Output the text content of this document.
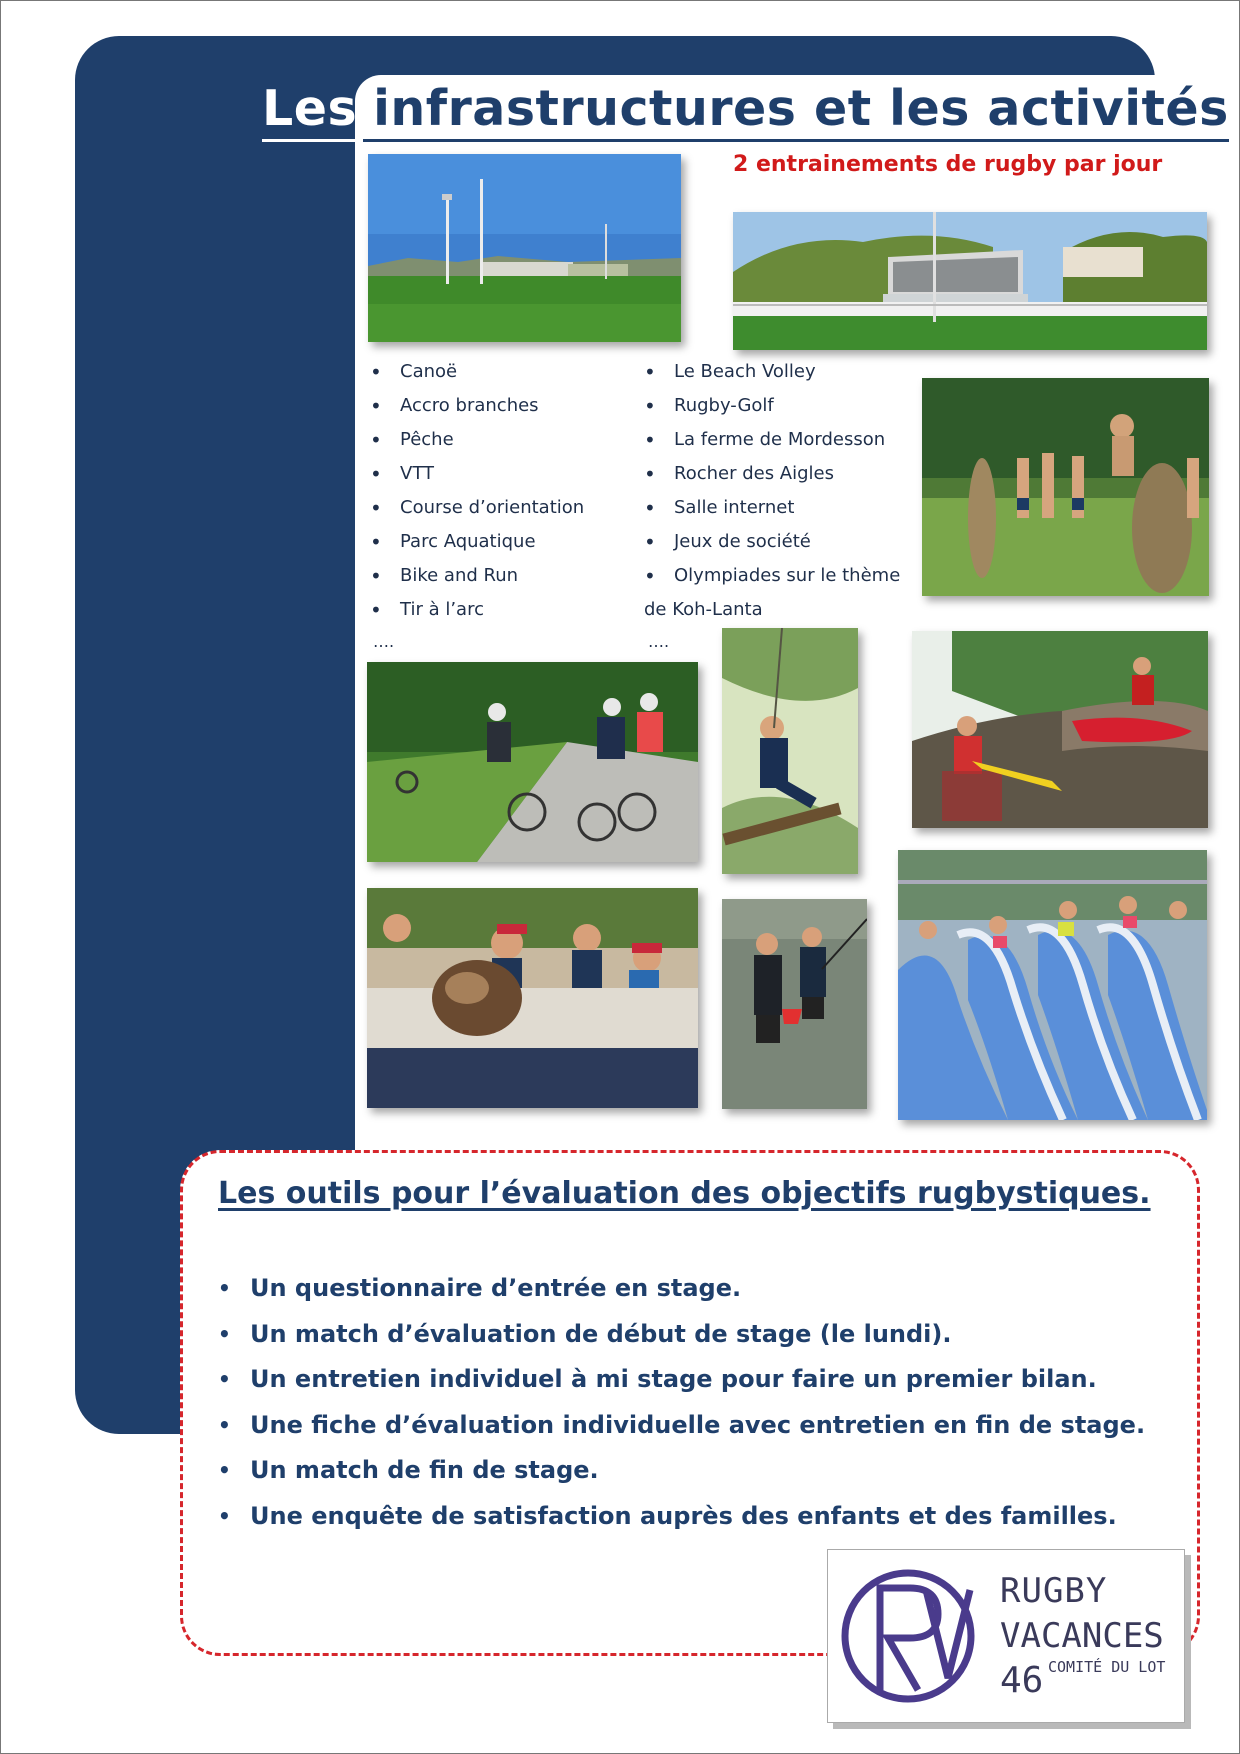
Les infrastructures et les activités
2 entrainements de rugby par jour
•	Canoë
•	Accro branches
•	Pêche
•	VTT
•	Course d’orientation
•	Parc Aquatique
•	Bike and Run
•	Tir à l’arc
….
•	Le Beach Volley
•	Rugby-Golf
•	La ferme de Mordesson
•	Rocher des Aigles
•	Salle internet
•	Jeux de société
•	Olympiades sur le thème
de Koh-Lanta
….
Les outils pour l’évaluation des objectifs rugbystiques.
• Un questionnaire d’entrée en stage.
• Un match d’évaluation de début de stage (le lundi).
• Un entretien individuel à mi stage pour faire un premier bilan.
• Une fiche d’évaluation individuelle avec entretien en fin de stage.
• Un match de fin de stage.
• Une enquête de satisfaction auprès des enfants et des familles.
RUGBY
VACANCES
46 COMITÉ DU LOT
